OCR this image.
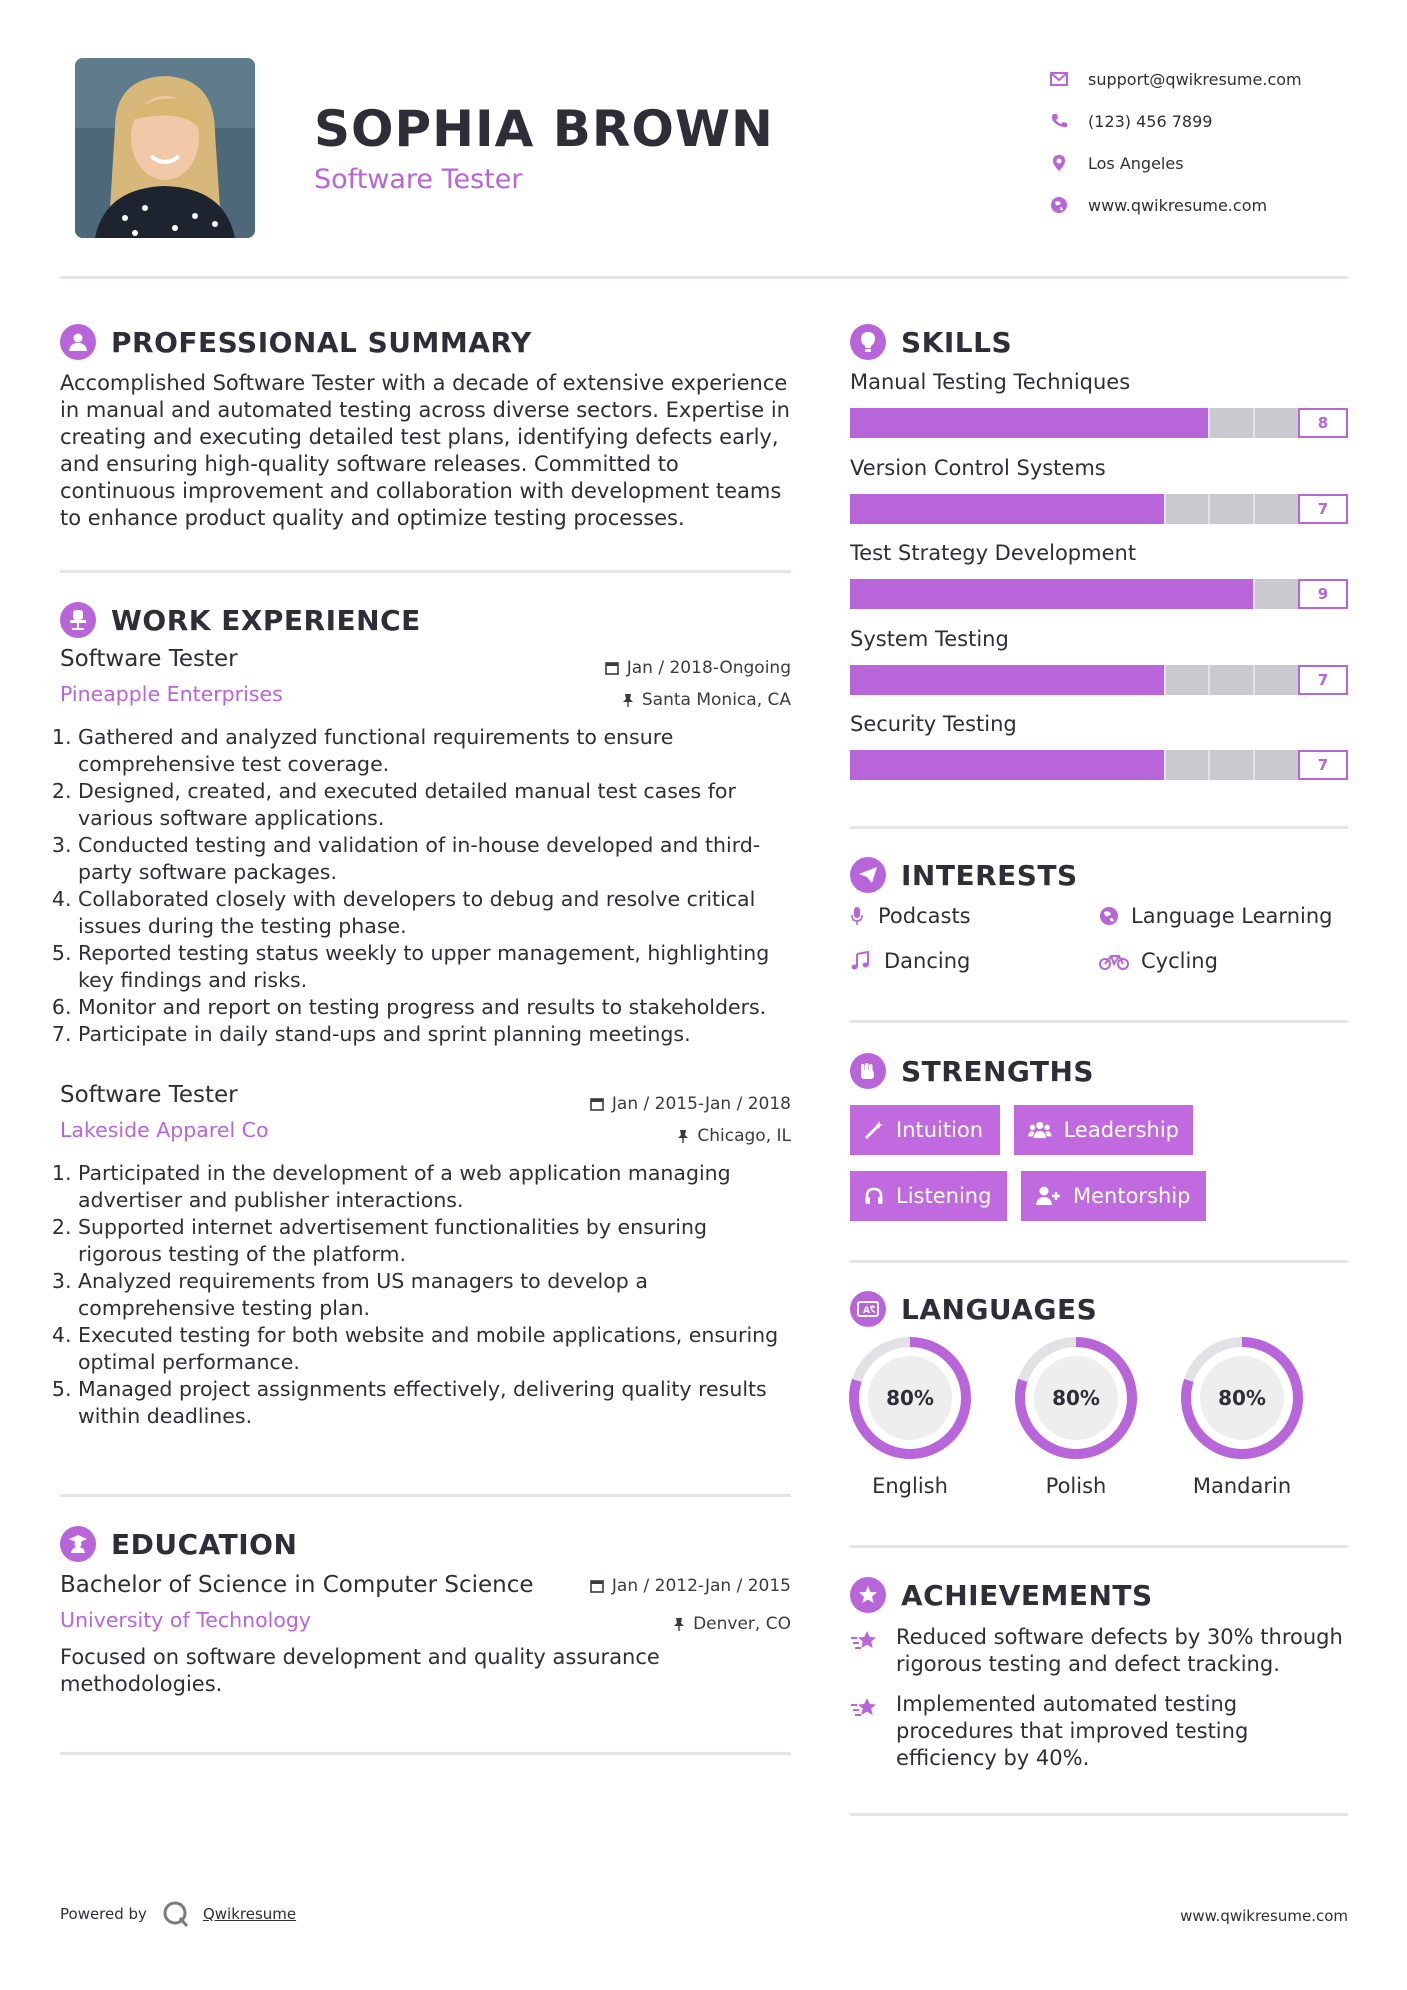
SOPHIA BROWN
Software Tester
support@qwikresume.com
(123) 456 7899
Los Angeles
www.qwikresume.com
PROFESSIONAL SUMMARY
Accomplished Software Tester with a decade of extensive experience in manual and automated testing across diverse sectors. Expertise in creating and executing detailed test plans, identifying defects early, and ensuring high-quality software releases. Committed to continuous improvement and collaboration with development teams to enhance product quality and optimize testing processes.
WORK EXPERIENCE
Software Tester
Pineapple Enterprises
Jan / 2018-Ongoing
Santa Monica, CA
1. Gathered and analyzed functional requirements to ensure comprehensive test coverage.
2. Designed, created, and executed detailed manual test cases for various software applications.
3. Conducted testing and validation of in-house developed and third-party software packages.
4. Collaborated closely with developers to debug and resolve critical issues during the testing phase.
5. Reported testing status weekly to upper management, highlighting key findings and risks.
6. Monitor and report on testing progress and results to stakeholders.
7. Participate in daily stand-ups and sprint planning meetings.
Software Tester
Lakeside Apparel Co
Jan / 2015-Jan / 2018
Chicago, IL
1. Participated in the development of a web application managing advertiser and publisher interactions.
2. Supported internet advertisement functionalities by ensuring rigorous testing of the platform.
3. Analyzed requirements from US managers to develop a comprehensive testing plan.
4. Executed testing for both website and mobile applications, ensuring optimal performance.
5. Managed project assignments effectively, delivering quality results within deadlines.
EDUCATION
Bachelor of Science in Computer Science
University of Technology
Jan / 2012-Jan / 2015
Denver, CO
Focused on software development and quality assurance methodologies.
SKILLS
Manual Testing Techniques
8
Version Control Systems
7
Test Strategy Development
9
System Testing
7
Security Testing
7
INTERESTS
Podcasts	Language Learning
Dancing	Cycling
STRENGTHS
Intuition	Leadership
Listening	Mentorship
A LANGUAGES
80%
English
80%
Polish
80%
Mandarin
ACHIEVEMENTS
Reduced software defects by 30% through rigorous testing and defect tracking.
Implemented automated testing procedures that improved testing efficiency by 40%.
Powered by	Qwikresume	www.qwikresume.com
